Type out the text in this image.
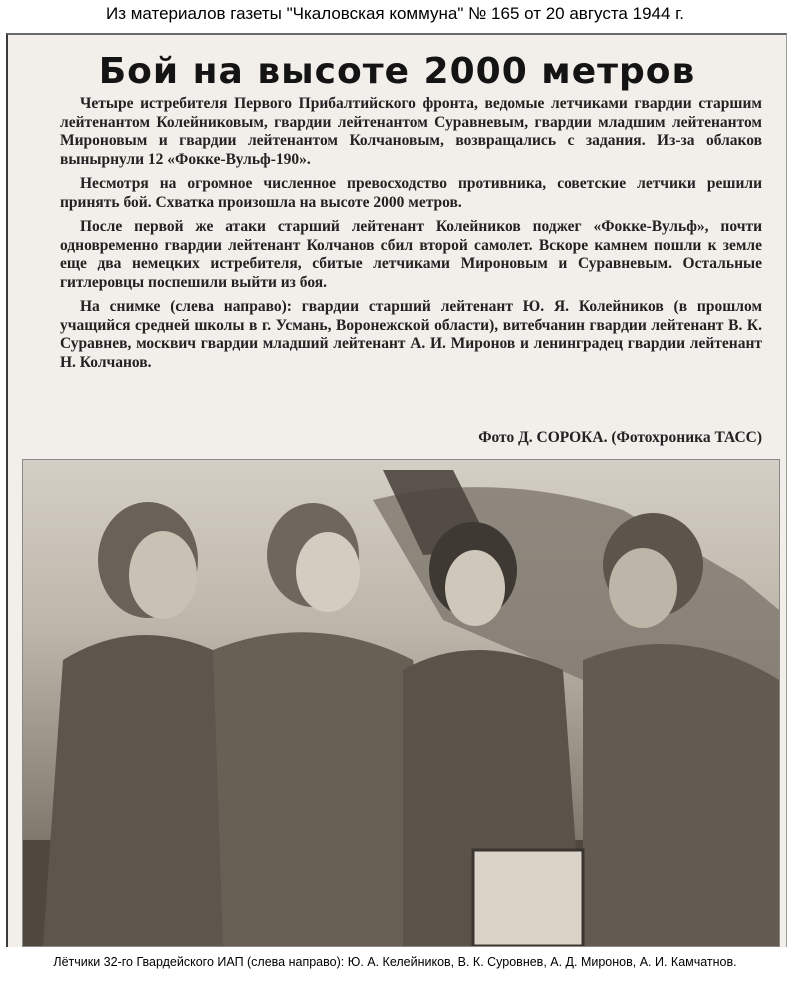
Из материалов газеты "Чкаловская коммуна" № 165 от 20 августа 1944 г.
Бой на высоте 2000 метров

Четыре истребителя Первого Прибалтийского фронта, ведомые летчиками гвардии старшим лейтенантом Колейниковым, гвардии лейтенантом Суравневым, гвардии младшим лейтенантом Мироновым и гвардии лейтенантом Колчановым, возвращались с задания. Из-за облаков вынырнули 12 «Фокке-Вульф-190».

Несмотря на огромное численное превосходство противника, советские летчики решили принять бой. Схватка произошла на высоте 2000 метров.

После первой же атаки старший лейтенант Колейников поджег «Фокке-Вульф», почти одновременно гвардии лейтенант Колчанов сбил второй самолет. Вскоре камнем пошли к земле еще два немецких истребителя, сбитые летчиками Мироновым и Суравневым. Остальные гитлеровцы поспешили выйти из боя.

На снимке (слева направо): гвардии старший лейтенант Ю. Я. Колейников (в прошлом учащийся средней школы в г. Усмань, Воронежской области), витебчанин гвардии лейтенант В. К. Суравнев, москвич гвардии младший лейтенант А. И. Миронов и ленинградец гвардии лейтенант Н. Колчанов.

Фото Д. СОРОКА. (Фотохроника ТАСС)
Лётчики 32-го Гвардейского ИАП (слева направо): Ю. А. Келейников, В. К. Суровнев, А. Д. Миронов, А. И. Камчатнов.
